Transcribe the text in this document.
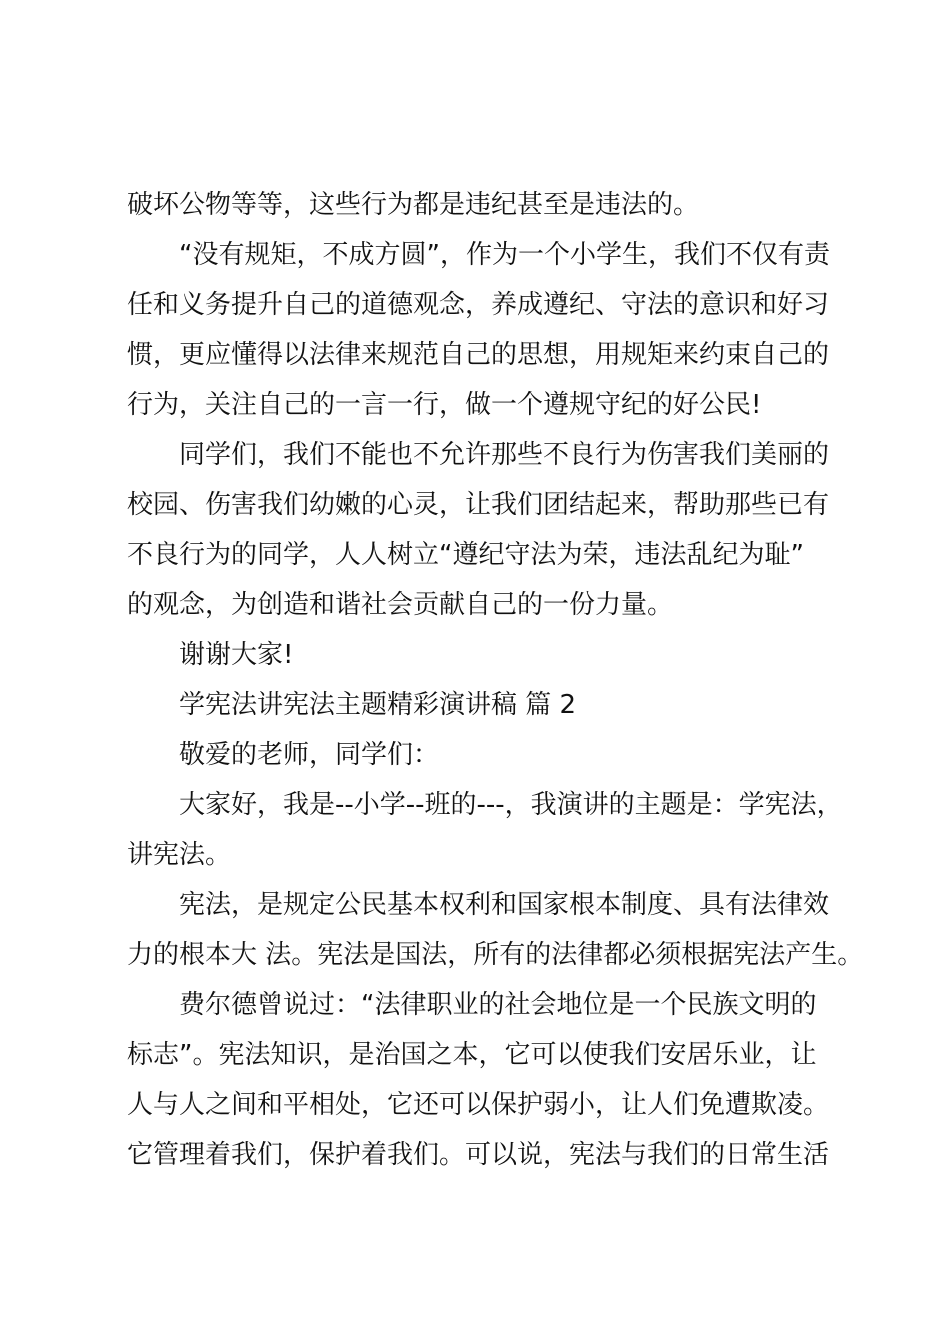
破坏公物等等，这些行为都是违纪甚至是违法的。
“没有规矩，不成方圆”，作为一个小学生，我们不仅有责
任和义务提升自己的道德观念，养成遵纪、守法的意识和好习
惯，更应懂得以法律来规范自己的思想，用规矩来约束自己的
行为，关注自己的一言一行，做一个遵规守纪的好公民!
同学们，我们不能也不允许那些不良行为伤害我们美丽的
校园、伤害我们幼嫩的心灵，让我们团结起来，帮助那些已有
不良行为的同学，人人树立“遵纪守法为荣，违法乱纪为耻”
的观念，为创造和谐社会贡献自己的一份力量。
谢谢大家!
学宪法讲宪法主题精彩演讲稿 篇 2
敬爱的老师，同学们：
大家好，我是--小学--班的---，我演讲的主题是：学宪法，
讲宪法。
宪法，是规定公民基本权利和国家根本制度、具有法律效
力的根本大 法。宪法是国法，所有的法律都必须根据宪法产生。
费尔德曾说过：“法律职业的社会地位是一个民族文明的
标志”。宪法知识，是治国之本，它可以使我们安居乐业，让
人与人之间和平相处，它还可以保护弱小，让人们免遭欺凌。
它管理着我们，保护着我们。可以说，宪法与我们的日常生活
